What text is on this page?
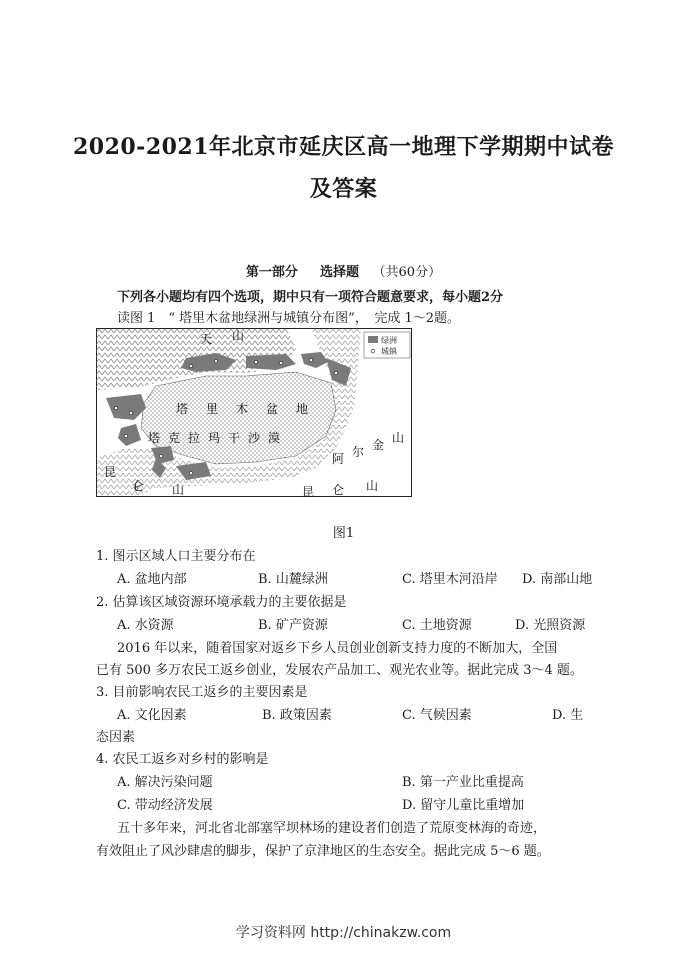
2020-2021年北京市延庆区高一地理下学期期中试卷
及答案
第一部分 选择题 （共60分）
下列各小题均有四个选项，期中只有一项符合题意要求，每小题2分
读图 1　“ 塔里木盆地绿洲与城镇分布图”，　完成 1～2题。
绿洲
城镇
天 山
塔 里 木 盆 地
塔 克 拉 玛 干 沙 漠
阿 尔 金 山
昆
仑 山	昆 仑 山
图1
1. 图示区域人口主要分布在
A. 盆地内部	B. 山麓绿洲	C. 塔里木河沿岸 D. 南部山地
2. 估算该区域资源环境承载力的主要依据是
A. 水资源	B. 矿产资源	C. 土地资源	D. 光照资源
2016 年以来，随着国家对返乡下乡人员创业创新支持力度的不断加大，全国
已有 500 多万农民工返乡创业，发展农产品加工、观光农业等。据此完成 3～4 题。
3. 目前影响农民工返乡的主要因素是
A. 文化因素	B. 政策因素	C. 气候因素	D. 生
态因素
4. 农民工返乡对乡村的影响是
A. 解决污染问题	B. 第一产业比重提高
C. 带动经济发展	D. 留守儿童比重增加
五十多年来，河北省北部塞罕坝林场的建设者们创造了荒原变林海的奇迹，
有效阻止了风沙肆虐的脚步，保护了京津地区的生态安全。据此完成 5～6 题。
学习资料网 http://chinakzw.com
